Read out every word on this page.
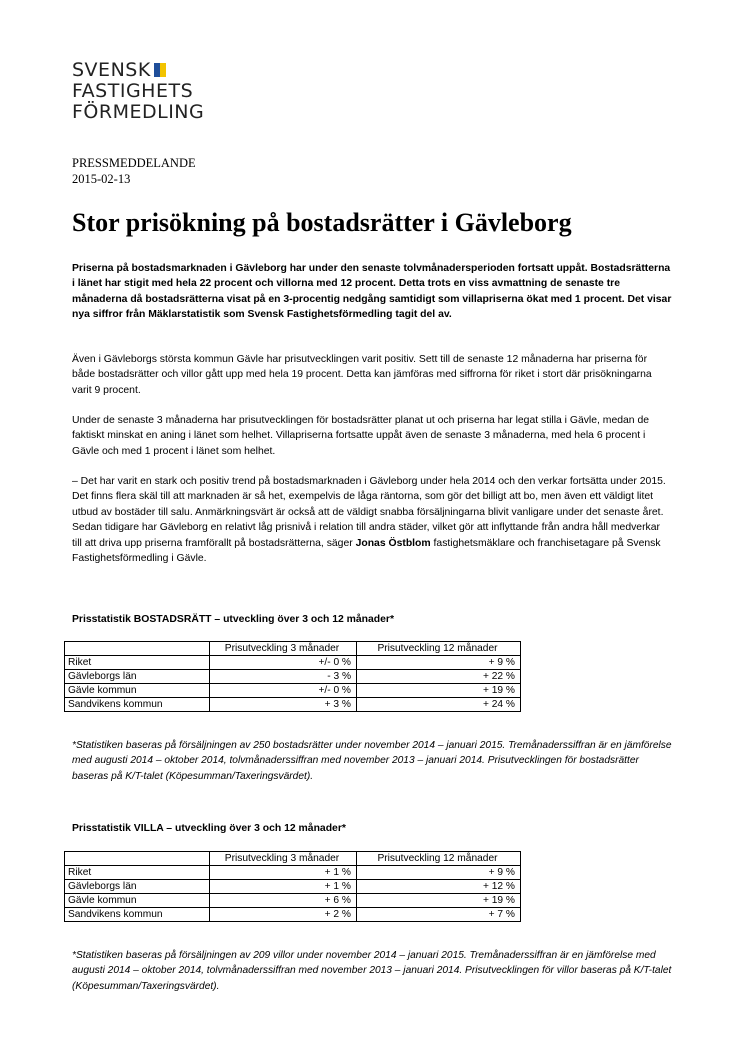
SVENSK
FASTIGHETS
FÖRMEDLING
PRESSMEDDELANDE
2015-02-13
Stor prisökning på bostadsrätter i Gävleborg

Priserna på bostadsmarknaden i Gävleborg har under den senaste tolvmånadersperioden fortsatt uppåt. Bostadsrätterna i länet har stigit med hela 22 procent och villorna med 12 procent. Detta trots en viss avmattning de senaste tre månaderna då bostadsrätterna visat på en 3-procentig nedgång samtidigt som villapriserna ökat med 1 procent. Det visar nya siffror från Mäklarstatistik som Svensk Fastighetsförmedling tagit del av.

Även i Gävleborgs största kommun Gävle har prisutvecklingen varit positiv. Sett till de senaste 12 månaderna har priserna för både bostadsrätter och villor gått upp med hela 19 procent. Detta kan jämföras med siffrorna för riket i stort där prisökningarna varit 9 procent.

Under de senaste 3 månaderna har prisutvecklingen för bostadsrätter planat ut och priserna har legat stilla i Gävle, medan de faktiskt minskat en aning i länet som helhet. Villapriserna fortsatte uppåt även de senaste 3 månaderna, med hela 6 procent i Gävle och med 1 procent i länet som helhet.

– Det har varit en stark och positiv trend på bostadsmarknaden i Gävleborg under hela 2014 och den verkar fortsätta under 2015. Det finns flera skäl till att marknaden är så het, exempelvis de låga räntorna, som gör det billigt att bo, men även ett väldigt litet utbud av bostäder till salu. Anmärkningsvärt är också att de väldigt snabba försäljningarna blivit vanligare under det senaste året. Sedan tidigare har Gävleborg en relativt låg prisnivå i relation till andra städer, vilket gör att inflyttande från andra håll medverkar till att driva upp priserna framförallt på bostadsrätterna, säger Jonas Östblom fastighetsmäklare och franchisetagare på Svensk Fastighetsförmedling i Gävle.

Prisstatistik BOSTADSRÄTT – utveckling över 3 och 12 månader*

	Prisutveckling 3 månader	Prisutveckling 12 månader
Riket	+/- 0 %	+ 9 %
Gävleborgs län	- 3 %	+ 22 %
Gävle kommun	+/- 0 %	+ 19 %
Sandvikens kommun	+ 3 %	+ 24 %

*Statistiken baseras på försäljningen av 250 bostadsrätter under november 2014 – januari 2015. Tremånaderssiffran är en jämförelse med augusti 2014 – oktober 2014, tolvmånaderssiffran med november 2013 – januari 2014. Prisutvecklingen för bostadsrätter baseras på K/T-talet (Köpesumman/Taxeringsvärdet).

Prisstatistik VILLA – utveckling över 3 och 12 månader*

	Prisutveckling 3 månader	Prisutveckling 12 månader
Riket	+ 1 %	+ 9 %
Gävleborgs län	+ 1 %	+ 12 %
Gävle kommun	+ 6 %	+ 19 %
Sandvikens kommun	+ 2 %	+ 7 %

*Statistiken baseras på försäljningen av 209 villor under november 2014 – januari 2015. Tremånaderssiffran är en jämförelse med augusti 2014 – oktober 2014, tolvmånaderssiffran med november 2013 – januari 2014. Prisutvecklingen för villor baseras på K/T-talet (Köpesumman/Taxeringsvärdet).
